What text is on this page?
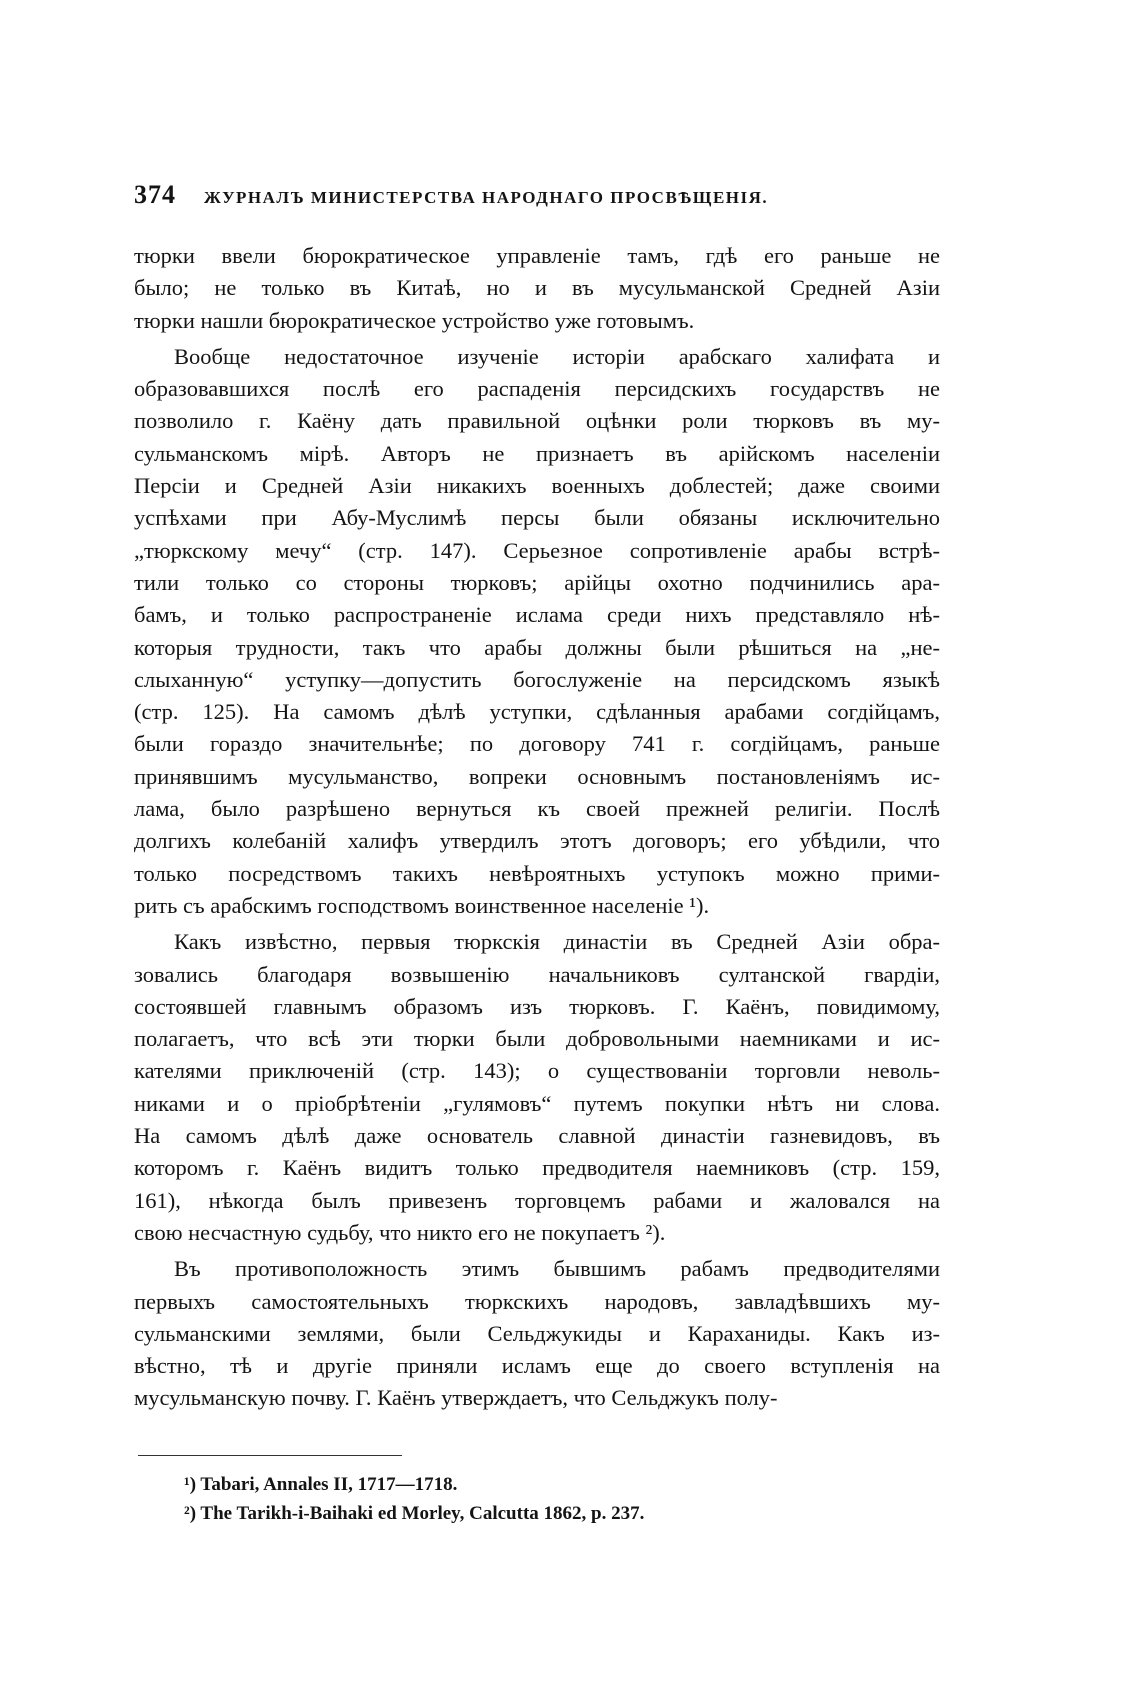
374 ЖУРНАЛЪ МИНИСТЕРСТВА НАРОДНАГО ПРОСВѢЩЕНІЯ.
тюрки ввели бюрократическое управленіе тамъ, гдѣ его раньше не
было; не только въ Китаѣ, но и въ мусульманской Средней Азіи
тюрки нашли бюрократическое устройство уже готовымъ.
Вообще недостаточное изученіе исторіи арабскаго халифата и
образовавшихся послѣ его распаденія персидскихъ государствъ не
позволило г. Каёну дать правильной оцѣнки роли тюрковъ въ му-
сульманскомъ мірѣ. Авторъ не признаетъ въ арійскомъ населеніи
Персіи и Средней Азіи никакихъ военныхъ доблестей; даже своими
успѣхами при Абу-Муслимѣ персы были обязаны исключительно
„тюркскому мечу“ (стр. 147). Серьезное сопротивленіе арабы встрѣ-
тили только со стороны тюрковъ; арійцы охотно подчинились ара-
бамъ, и только распространеніе ислама среди нихъ представляло нѣ-
которыя трудности, такъ что арабы должны были рѣшиться на „не-
слыханную“ уступку—допустить богослуженіе на персидскомъ языкѣ
(стр. 125). На самомъ дѣлѣ уступки, сдѣланныя арабами согдійцамъ,
были гораздо значительнѣе; по договору 741 г. согдійцамъ, раньше
принявшимъ мусульманство, вопреки основнымъ постановленіямъ ис-
лама, было разрѣшено вернуться къ своей прежней религіи. Послѣ
долгихъ колебаній халифъ утвердилъ этотъ договоръ; его убѣдили, что
только посредствомъ такихъ невѣроятныхъ уступокъ можно прими-
рить съ арабскимъ господствомъ воинственное населеніе ¹).
Какъ извѣстно, первыя тюркскія династіи въ Средней Азіи обра-
зовались благодаря возвышенію начальниковъ султанской гвардіи,
состоявшей главнымъ образомъ изъ тюрковъ. Г. Каёнъ, повидимому,
полагаетъ, что всѣ эти тюрки были добровольными наемниками и ис-
кателями приключеній (стр. 143); о существованіи торговли неволь-
никами и о пріобрѣтеніи „гулямовъ“ путемъ покупки нѣтъ ни слова.
На самомъ дѣлѣ даже основатель славной династіи газневидовъ, въ
которомъ г. Каёнъ видитъ только предводителя наемниковъ (стр. 159,
161), нѣкогда былъ привезенъ торговцемъ рабами и жаловался на
свою несчастную судьбу, что никто его не покупаетъ ²).
Въ противоположность этимъ бывшимъ рабамъ предводителями
первыхъ самостоятельныхъ тюркскихъ народовъ, завладѣвшихъ му-
сульманскими землями, были Сельджукиды и Караханиды. Какъ из-
вѣстно, тѣ и другіе приняли исламъ еще до своего вступленія на
мусульманскую почву. Г. Каёнъ утверждаетъ, что Сельджукъ полу-
¹) Tabari, Annales II, 1717—1718.
²) The Tarikh-i-Baihaki ed Morley, Calcutta 1862, p. 237.
